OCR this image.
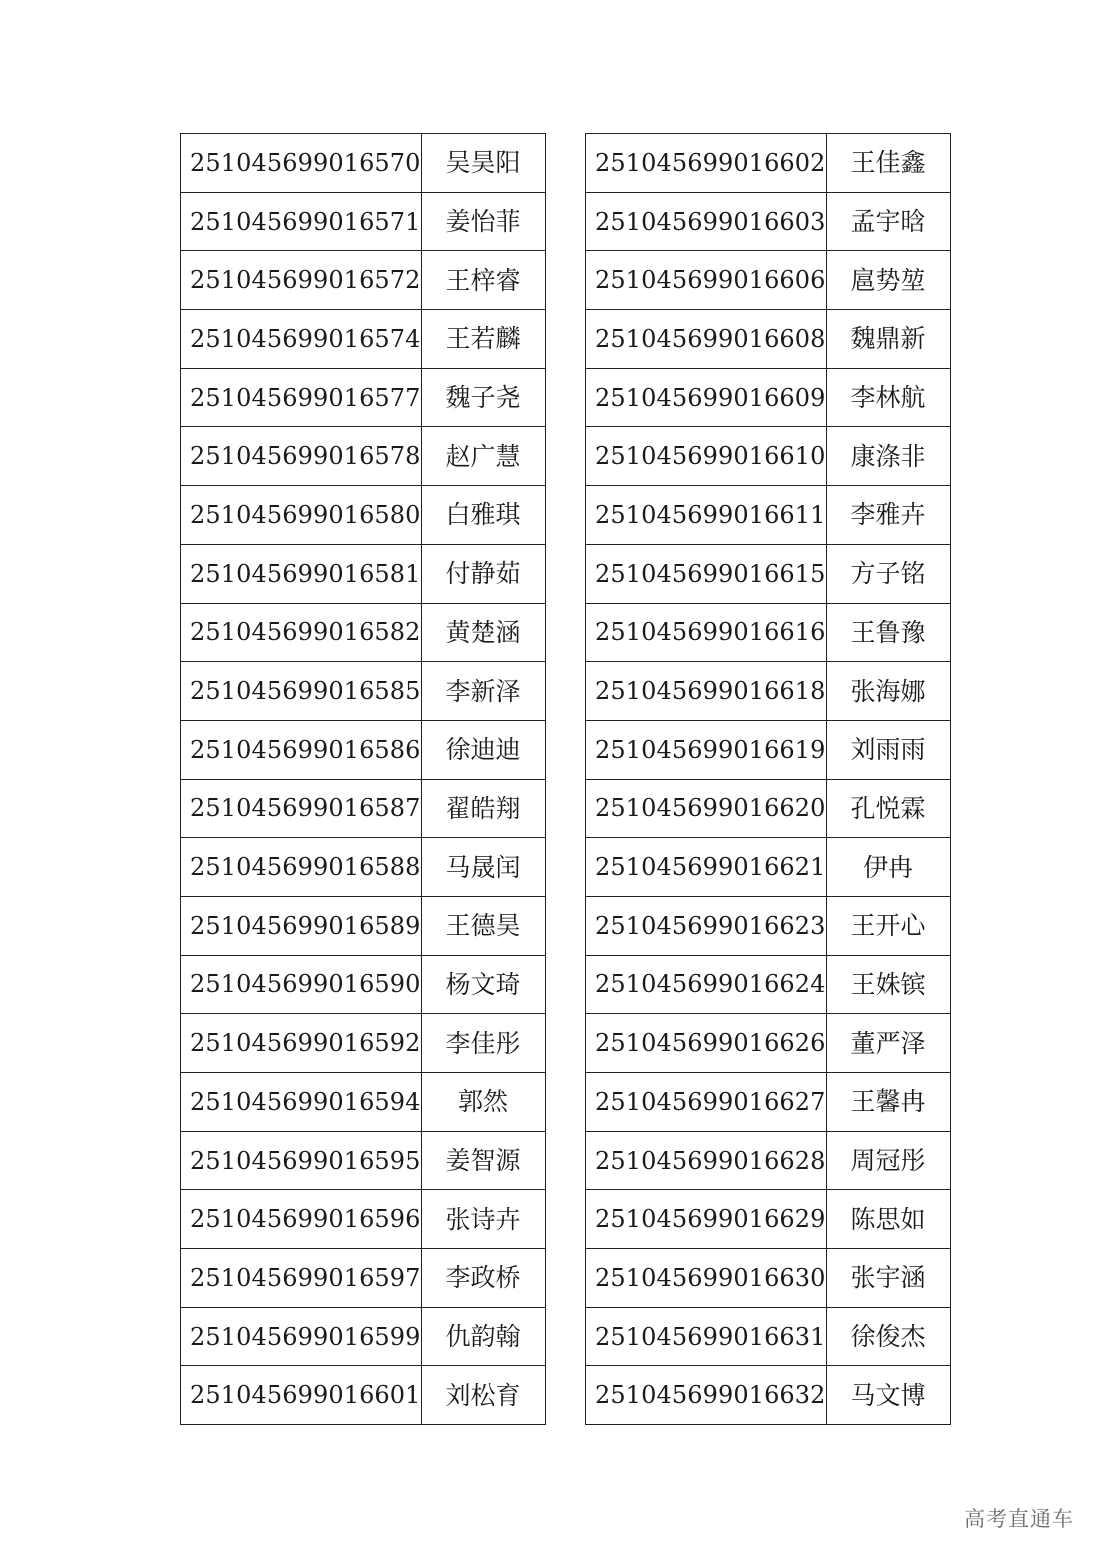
251045699016570	吴昊阳
251045699016571	姜怡菲
251045699016572	王梓睿
251045699016574	王若麟
251045699016577	魏子尧
251045699016578	赵广慧
251045699016580	白雅琪
251045699016581	付静茹
251045699016582	黄楚涵
251045699016585	李新泽
251045699016586	徐迪迪
251045699016587	翟皓翔
251045699016588	马晟闰
251045699016589	王德昊
251045699016590	杨文琦
251045699016592	李佳彤
251045699016594	郭然
251045699016595	姜智源
251045699016596	张诗卉
251045699016597	李政桥
251045699016599	仇韵翰
251045699016601	刘松育
251045699016602	王佳鑫
251045699016603	孟宇晗
251045699016606	扈势堃
251045699016608	魏鼎新
251045699016609	李林航
251045699016610	康涤非
251045699016611	李雅卉
251045699016615	方子铭
251045699016616	王鲁豫
251045699016618	张海娜
251045699016619	刘雨雨
251045699016620	孔悦霖
251045699016621	伊冉
251045699016623	王开心
251045699016624	王姝镔
251045699016626	董严泽
251045699016627	王馨冉
251045699016628	周冠彤
251045699016629	陈思如
251045699016630	张宇涵
251045699016631	徐俊杰
251045699016632	马文博
高考直通车
